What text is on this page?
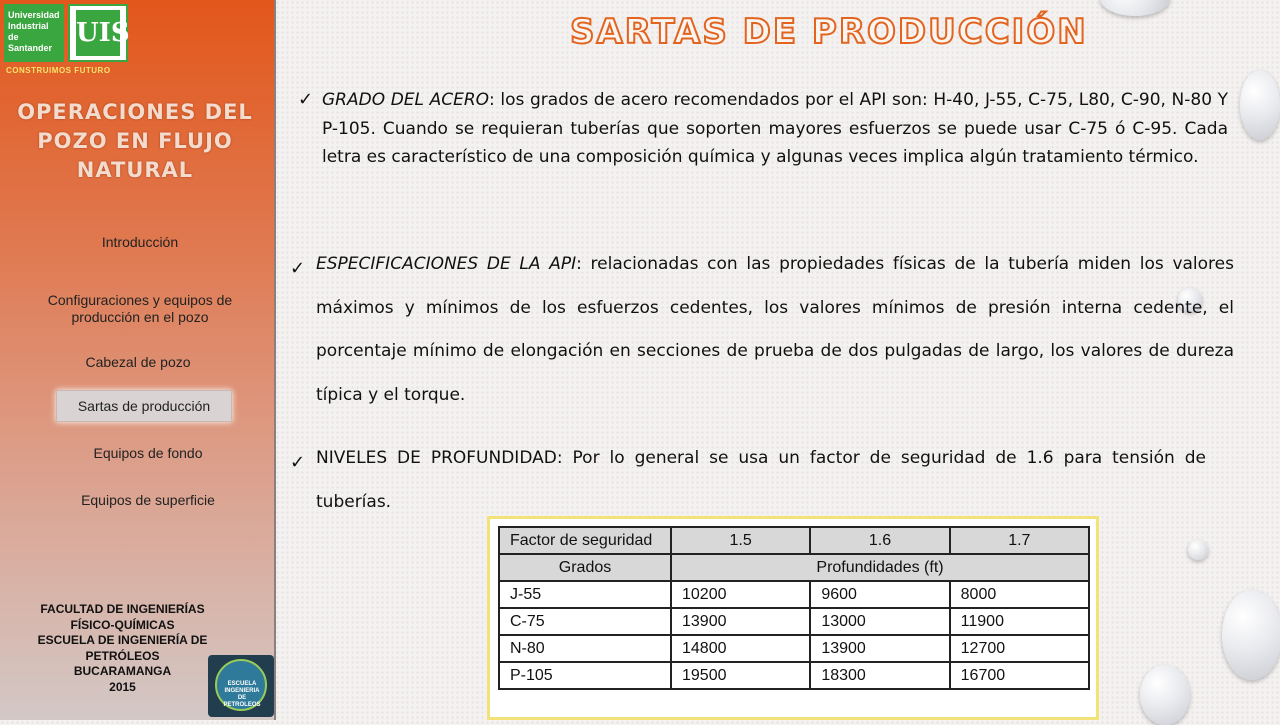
Universidad Industrial de Santander UIS
CONSTRUIMOS FUTURO
OPERACIONES DEL POZO EN FLUJO NATURAL
Introducción
Configuraciones y equipos de producción en el pozo
Cabezal de pozo
Sartas de producción
Equipos de fondo
Equipos de superficie
FACULTAD DE INGENIERÍAS
FÍSICO-QUÍMICAS
ESCUELA DE INGENIERÍA DE
PETRÓLEOS
BUCARAMANGA
2015	ESCUELA INGENIERIA DE PETROLEOS
SARTAS DE PRODUCCIÓN
✓ GRADO DEL ACERO: los grados de acero recomendados por el API son: H-40, J-55, C-75, L80, C-90, N-80 Y P-105. Cuando se requieran tuberías que soporten mayores esfuerzos se puede usar C-75 ó C-95. Cada letra es característico de una composición química y algunas veces implica algún tratamiento térmico.
✓ ESPECIFICACIONES DE LA API: relacionadas con las propiedades físicas de la tubería miden los valores máximos y mínimos de los esfuerzos cedentes, los valores mínimos de presión interna cedente, el porcentaje mínimo de elongación en secciones de prueba de dos pulgadas de largo, los valores de dureza típica y el torque.
✓ NIVELES DE PROFUNDIDAD: Por lo general se usa un factor de seguridad de 1.6 para tensión de tuberías.
Factor de seguridad	1.5	1.6	1.7
Grados	Profundidades (ft)		
J-55	10200	9600	8000
C-75	13900	13000	11900
N-80	14800	13900	12700
P-105	19500	18300	16700
